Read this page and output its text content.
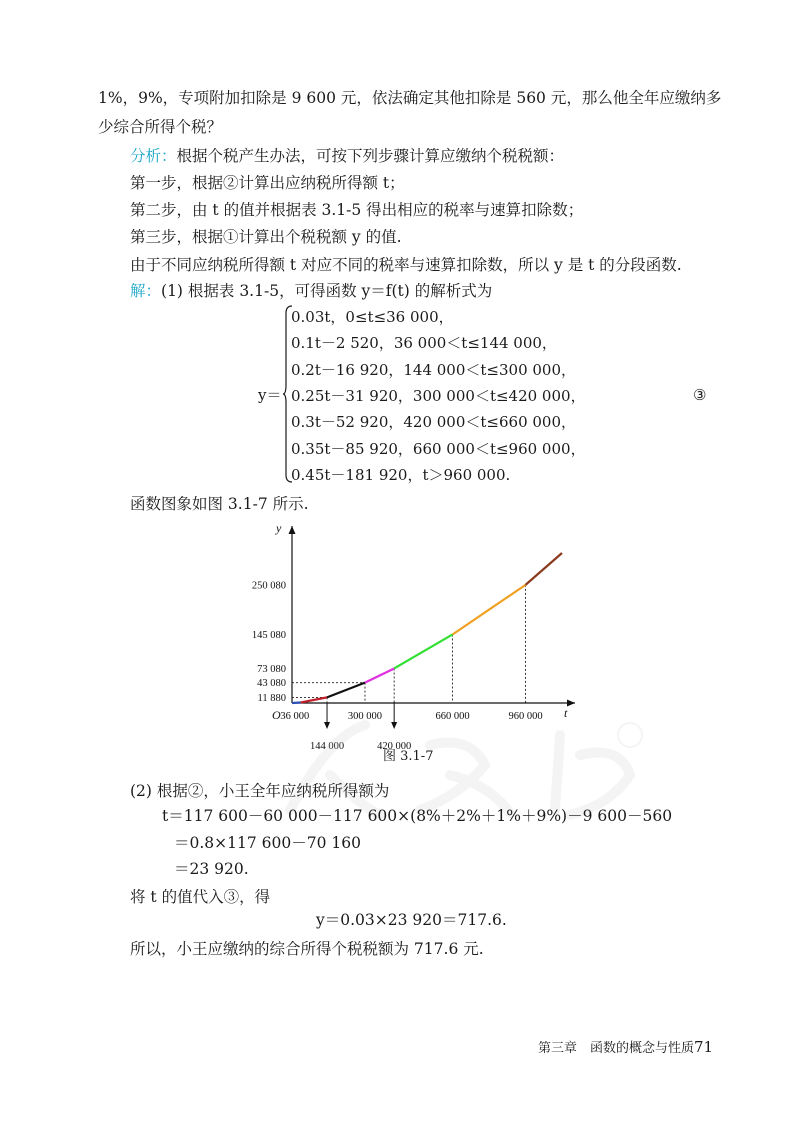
1%，9%，专项附加扣除是 9 600 元，依法确定其他扣除是 560 元，那么他全年应缴纳多
少综合所得个税？
分析：根据个税产生办法，可按下列步骤计算应缴纳个税税额：
第一步，根据②计算出应纳税所得额 t；
第二步，由 t 的值并根据表 3.1-5 得出相应的税率与速算扣除数；
第三步，根据①计算出个税税额 y 的值.
由于不同应纳税所得额 t 对应不同的税率与速算扣除数，所以 y 是 t 的分段函数.
解：(1) 根据表 3.1-5，可得函数 y＝f(t) 的解析式为
y＝
0.03t，0≤t≤36 000，
0.1t－2 520，36 000＜t≤144 000，
0.2t－16 920，144 000＜t≤300 000，
0.25t－31 920，300 000＜t≤420 000，
0.3t－52 920，420 000＜t≤660 000，
0.35t－85 920，660 000＜t≤960 000，
0.45t－181 920，t＞960 000.
③
函数图象如图 3.1-7 所示.
36 000
144 000
300 000
420 000
660 000	960 000
11 880
43 080
73 080
145 080
250 080
t
y
O
图 3.1-7
(2) 根据②，小王全年应纳税所得额为
t＝117 600－60 000－117 600×(8%＋2%＋1%＋9%)－9 600－560
＝0.8×117 600－70 160
＝23 920.
将 t 的值代入③，得
y＝0.03×23 920＝717.6.
所以，小王应缴纳的综合所得个税税额为 717.6 元.
第三章　函数的概念与性质 71
